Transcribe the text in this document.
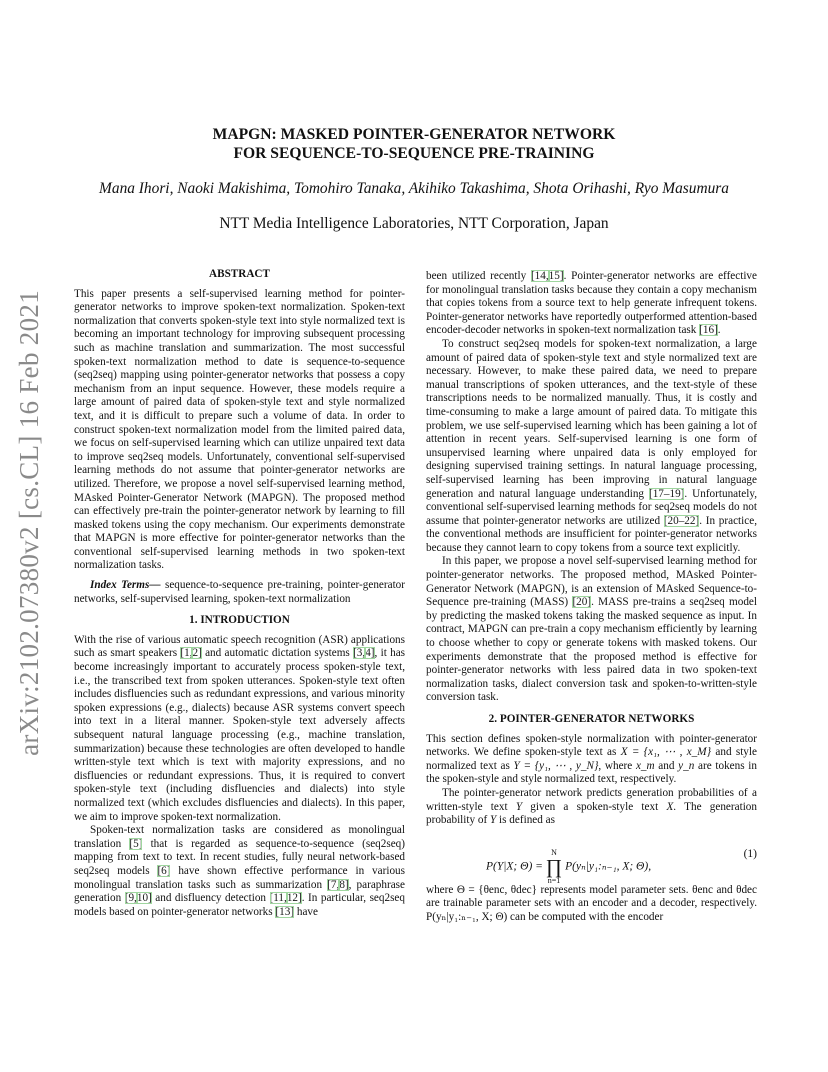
arXiv:2102.07380v2 [cs.CL] 16 Feb 2021
MAPGN: MASKED POINTER-GENERATOR NETWORK
FOR SEQUENCE-TO-SEQUENCE PRE-TRAINING
Mana Ihori, Naoki Makishima, Tomohiro Tanaka, Akihiko Takashima, Shota Orihashi, Ryo Masumura
NTT Media Intelligence Laboratories, NTT Corporation, Japan
ABSTRACT

This paper presents a self-supervised learning method for pointer-generator networks to improve spoken-text normalization. Spoken-text normalization that converts spoken-style text into style normalized text is becoming an important technology for improving subsequent processing such as machine translation and summarization. The most successful spoken-text normalization method to date is sequence-to-sequence (seq2seq) mapping using pointer-generator networks that possess a copy mechanism from an input sequence. However, these models require a large amount of paired data of spoken-style text and style normalized text, and it is difficult to prepare such a volume of data. In order to construct spoken-text normalization model from the limited paired data, we focus on self-supervised learning which can utilize unpaired text data to improve seq2seq models. Unfortunately, conventional self-supervised learning methods do not assume that pointer-generator networks are utilized. Therefore, we propose a novel self-supervised learning method, MAsked Pointer-Generator Network (MAPGN). The proposed method can effectively pre-train the pointer-generator network by learning to fill masked tokens using the copy mechanism. Our experiments demonstrate that MAPGN is more effective for pointer-generator networks than the conventional self-supervised learning methods in two spoken-text normalization tasks.

Index Terms— sequence-to-sequence pre-training, pointer-generator networks, self-supervised learning, spoken-text normalization

1. INTRODUCTION

With the rise of various automatic speech recognition (ASR) applications such as smart speakers [1,2] and automatic dictation systems [3,4], it has become increasingly important to accurately process spoken-style text, i.e., the transcribed text from spoken utterances. Spoken-style text often includes disfluencies such as redundant expressions, and various minority spoken expressions (e.g., dialects) because ASR systems convert speech into text in a literal manner. Spoken-style text adversely affects subsequent natural language processing (e.g., machine translation, summarization) because these technologies are often developed to handle written-style text which is text with majority expressions, and no disfluencies or redundant expressions. Thus, it is required to convert spoken-style text (including disfluencies and dialects) into style normalized text (which excludes disfluencies and dialects). In this paper, we aim to improve spoken-text normalization.

Spoken-text normalization tasks are considered as monolingual translation [5] that is regarded as sequence-to-sequence (seq2seq) mapping from text to text. In recent studies, fully neural network-based seq2seq models [6] have shown effective performance in various monolingual translation tasks such as summarization [7,8], paraphrase generation [9,10] and disfluency detection [11,12]. In particular, seq2seq models based on pointer-generator networks [13] have

been utilized recently [14,15]. Pointer-generator networks are effective for monolingual translation tasks because they contain a copy mechanism that copies tokens from a source text to help generate infrequent tokens. Pointer-generator networks have reportedly outperformed attention-based encoder-decoder networks in spoken-text normalization task [16].

To construct seq2seq models for spoken-text normalization, a large amount of paired data of spoken-style text and style normalized text are necessary. However, to make these paired data, we need to prepare manual transcriptions of spoken utterances, and the text-style of these transcriptions needs to be normalized manually. Thus, it is costly and time-consuming to make a large amount of paired data. To mitigate this problem, we use self-supervised learning which has been gaining a lot of attention in recent years. Self-supervised learning is one form of unsupervised learning where unpaired data is only employed for designing supervised training settings. In natural language processing, self-supervised learning has been improving in natural language generation and natural language understanding [17–19]. Unfortunately, conventional self-supervised learning methods for seq2seq models do not assume that pointer-generator networks are utilized [20–22]. In practice, the conventional methods are insufficient for pointer-generator networks because they cannot learn to copy tokens from a source text explicitly.

In this paper, we propose a novel self-supervised learning method for pointer-generator networks. The proposed method, MAsked Pointer-Generator Network (MAPGN), is an extension of MAsked Sequence-to-Sequence pre-training (MASS) [20]. MASS pre-trains a seq2seq model by predicting the masked tokens taking the masked sequence as input. In contract, MAPGN can pre-train a copy mechanism efficiently by learning to choose whether to copy or generate tokens with masked tokens. Our experiments demonstrate that the proposed method is effective for pointer-generator networks with less paired data in two spoken-text normalization tasks, dialect conversion task and spoken-to-written-style conversion task.

2. POINTER-GENERATOR NETWORKS

This section defines spoken-style normalization with pointer-generator networks. We define spoken-style text as X = {x₁, ⋯ , x_M} and style normalized text as Y = {y₁, ⋯ , y_N}, where x_m and y_n are tokens in the spoken-style and style normalized text, respectively.

The pointer-generator network predicts generation probabilities of a written-style text Y given a spoken-style text X. The generation probability of Y is defined as

P(Y|X; Θ) =
N
∏
n=1
P(yₙ|y₁:ₙ₋₁, X; Θ),
(1)

where Θ = {θenc, θdec} represents model parameter sets. θenc and θdec are trainable parameter sets with an encoder and a decoder, respectively. P(yₙ|y₁:ₙ₋₁, X; Θ) can be computed with the encoder
